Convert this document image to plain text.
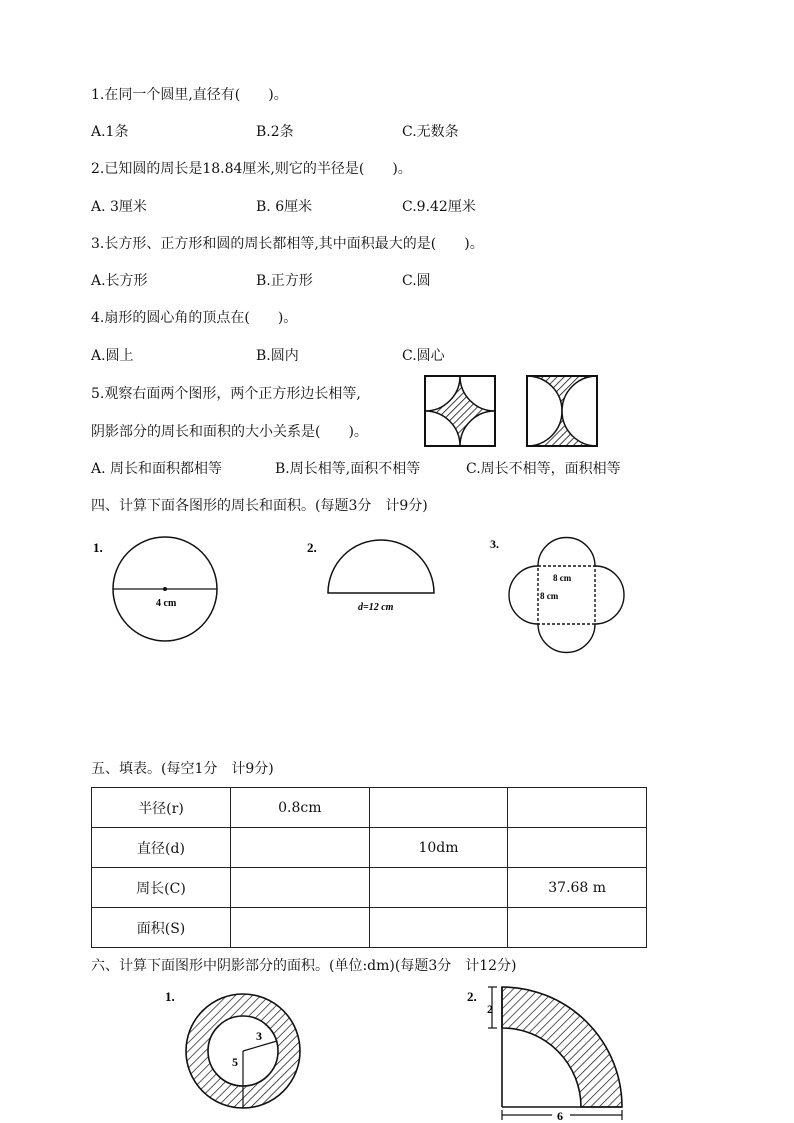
1.在同一个圆里,直径有(　　)。
A.1条	B.2条	C.无数条
2.已知圆的周长是18.84厘米,则它的半径是(　　)。
A. 3厘米	B. 6厘米	C.9.42厘米
3.长方形、正方形和圆的周长都相等,其中面积最大的是(　　)。
A.长方形	B.正方形	C.圆
4.扇形的圆心角的顶点在(　　)。
A.圆上	B.圆内	C.圆心
5.观察右面两个图形，两个正方形边长相等,
阴影部分的周长和面积的大小关系是(　　)。
A. 周长和面积都相等	B.周长相等,面积不相等	C.周长不相等，面积相等
四、计算下面各图形的周长和面积。(每题3分　计9分)
1.
4 cm
2.
d=12 cm
3.
8 cm
8 cm
五、填表。(每空1分　计9分)
半径(r)	0.8cm		
直径(d)		10dm	
周长(C)			37.68 m
面积(S)			
六、计算下面图形中阴影部分的面积。(单位:dm)(每题3分　计12分)
1.
3
5
2.
2
6
